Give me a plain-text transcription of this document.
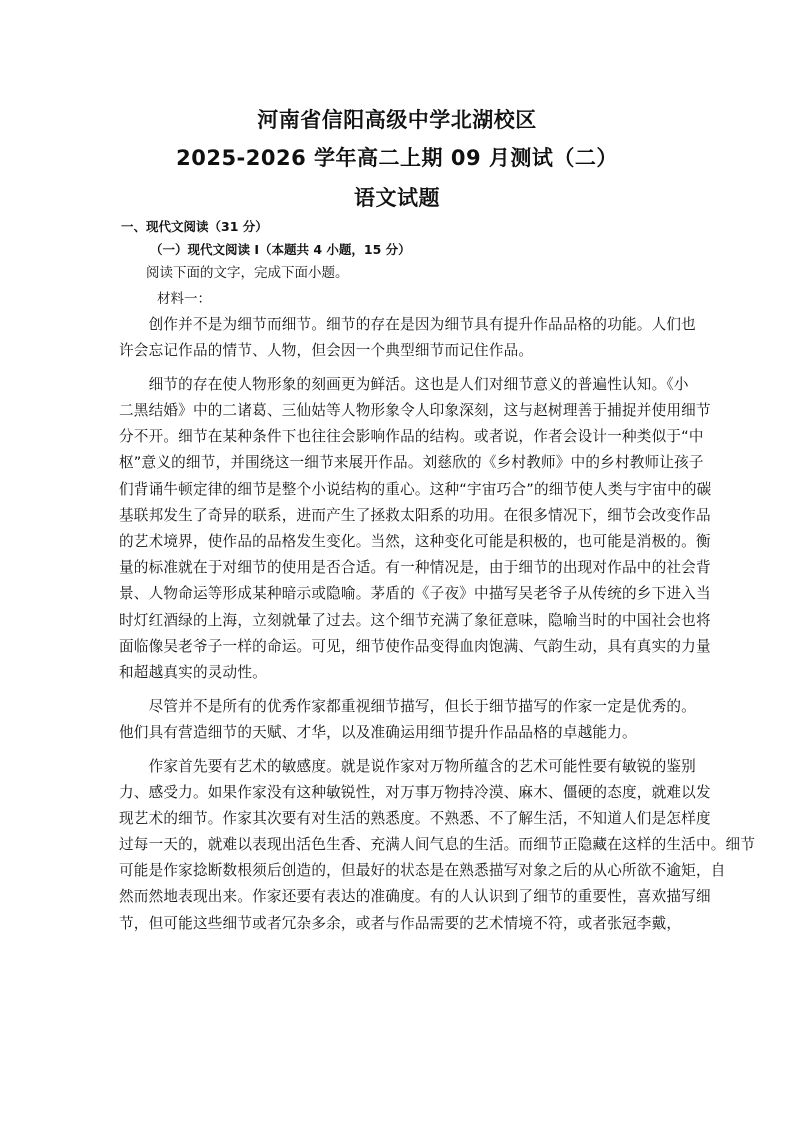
河南省信阳高级中学北湖校区
2025-2026 学年高二上期 09 月测试（二）
语文试题
一、现代文阅读（31 分）
（一）现代文阅读 I（本题共 4 小题，15 分）
阅读下面的文字，完成下面小题。
材料一：
　　创作并不是为细节而细节。细节的存在是因为细节具有提升作品品格的功能。人们也
许会忘记作品的情节、人物，但会因一个典型细节而记住作品。
　　细节的存在使人物形象的刻画更为鲜活。这也是人们对细节意义的普遍性认知。《小
二黑结婚》中的二诸葛、三仙姑等人物形象令人印象深刻，这与赵树理善于捕捉并使用细节
分不开。细节在某种条件下也往往会影响作品的结构。或者说，作者会设计一种类似于“中
枢”意义的细节，并围绕这一细节来展开作品。刘慈欣的《乡村教师》中的乡村教师让孩子
们背诵牛顿定律的细节是整个小说结构的重心。这种“宇宙巧合”的细节使人类与宇宙中的碳
基联邦发生了奇异的联系，进而产生了拯救太阳系的功用。在很多情况下，细节会改变作品
的艺术境界，使作品的品格发生变化。当然，这种变化可能是积极的，也可能是消极的。衡
量的标准就在于对细节的使用是否合适。有一种情况是，由于细节的出现对作品中的社会背
景、人物命运等形成某种暗示或隐喻。茅盾的《子夜》中描写吴老爷子从传统的乡下进入当
时灯红酒绿的上海，立刻就暈了过去。这个细节充满了象征意味，隐喻当时的中国社会也将
面临像吴老爷子一样的命运。可见，细节使作品变得血肉饱满、气韵生动，具有真实的力量
和超越真实的灵动性。
　　尽管并不是所有的优秀作家都重视细节描写，但长于细节描写的作家一定是优秀的。
他们具有营造细节的天赋、才华，以及准确运用细节提升作品品格的卓越能力。
　　作家首先要有艺术的敏感度。就是说作家对万物所蕴含的艺术可能性要有敏锐的鉴别
力、感受力。如果作家没有这种敏锐性，对万事万物持冷漠、麻木、僵硬的态度，就难以发
现艺术的细节。作家其次要有对生活的熟悉度。不熟悉、不了解生活，不知道人们是怎样度
过每一天的，就难以表现出活色生香、充满人间气息的生活。而细节正隐藏在这样的生活中。细节
可能是作家捻断数根须后创造的，但最好的状态是在熟悉描写对象之后的从心所欲不逾矩，自
然而然地表现出来。作家还要有表达的准确度。有的人认识到了细节的重要性，喜欢描写细
节，但可能这些细节或者冗杂多余，或者与作品需要的艺术情境不符，或者张冠李戴，
